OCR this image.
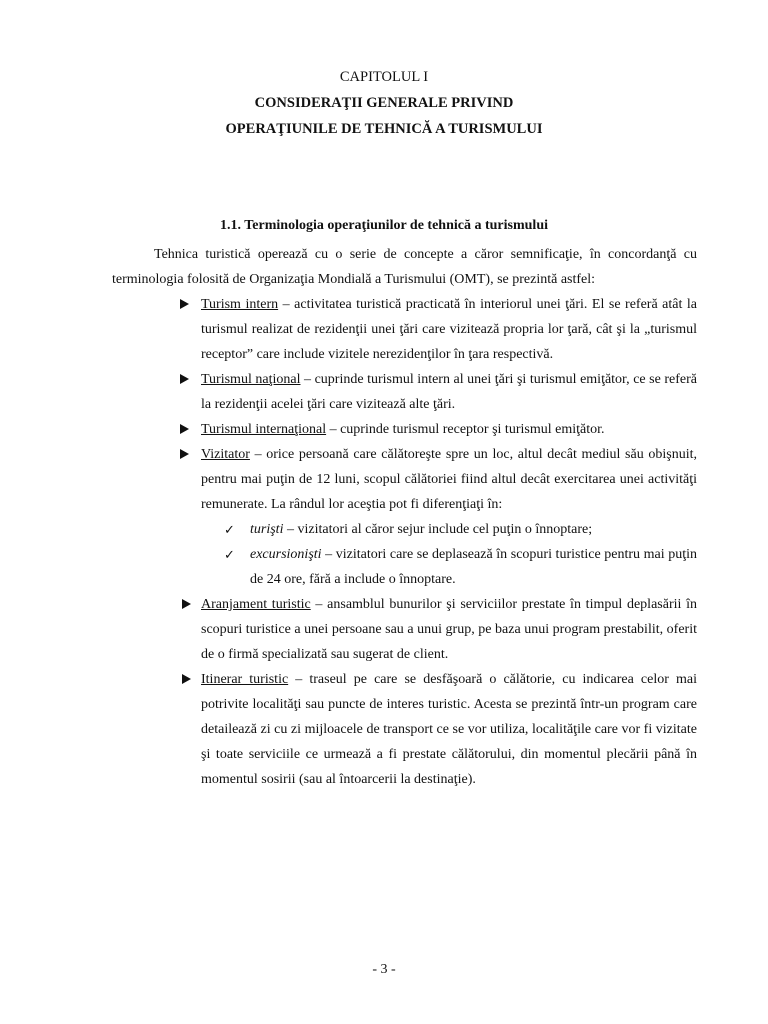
CAPITOLUL I
CONSIDERAŢII GENERALE PRIVIND
OPERAŢIUNILE DE TEHNICĂ A TURISMULUI
1.1. Terminologia operaţiunilor de tehnică a turismului

Tehnica turistică operează cu o serie de concepte a căror semnificaţie, în concordanţă cu terminologia folosită de Organizaţia Mondială a Turismului (OMT), se prezintă astfel:

Turism intern – activitatea turistică practicată în interiorul unei ţări. El se referă atât la turismul realizat de rezidenţii unei ţări care vizitează propria lor ţară, cât şi la „turismul receptor” care include vizitele nerezidenţilor în ţara respectivă.

Turismul naţional – cuprinde turismul intern al unei ţări şi turismul emiţător, ce se referă la rezidenţii acelei ţări care vizitează alte ţări.

Turismul internaţional – cuprinde turismul receptor şi turismul emiţător.

Vizitator – orice persoană care călătoreşte spre un loc, altul decât mediul său obişnuit, pentru mai puţin de 12 luni, scopul călătoriei fiind altul decât exercitarea unei activităţi remunerate. La rândul lor aceştia pot fi diferenţiaţi în:

✓ turişti – vizitatori al căror sejur include cel puţin o înnoptare;

✓ excursionişti – vizitatori care se deplasează în scopuri turistice pentru mai puţin de 24 ore, fără a include o înnoptare.

Aranjament turistic – ansamblul bunurilor şi serviciilor prestate în timpul deplasării în scopuri turistice a unei persoane sau a unui grup, pe baza unui program prestabilit, oferit de o firmă specializată sau sugerat de client.

Itinerar turistic – traseul pe care se desfăşoară o călătorie, cu indicarea celor mai potrivite localităţi sau puncte de interes turistic. Acesta se prezintă într-un program care detailează zi cu zi mijloacele de transport ce se vor utiliza, localităţile care vor fi vizitate şi toate serviciile ce urmează a fi prestate călătorului, din momentul plecării până în momentul sosirii (sau al întoarcerii la destinaţie).

- 3 -
